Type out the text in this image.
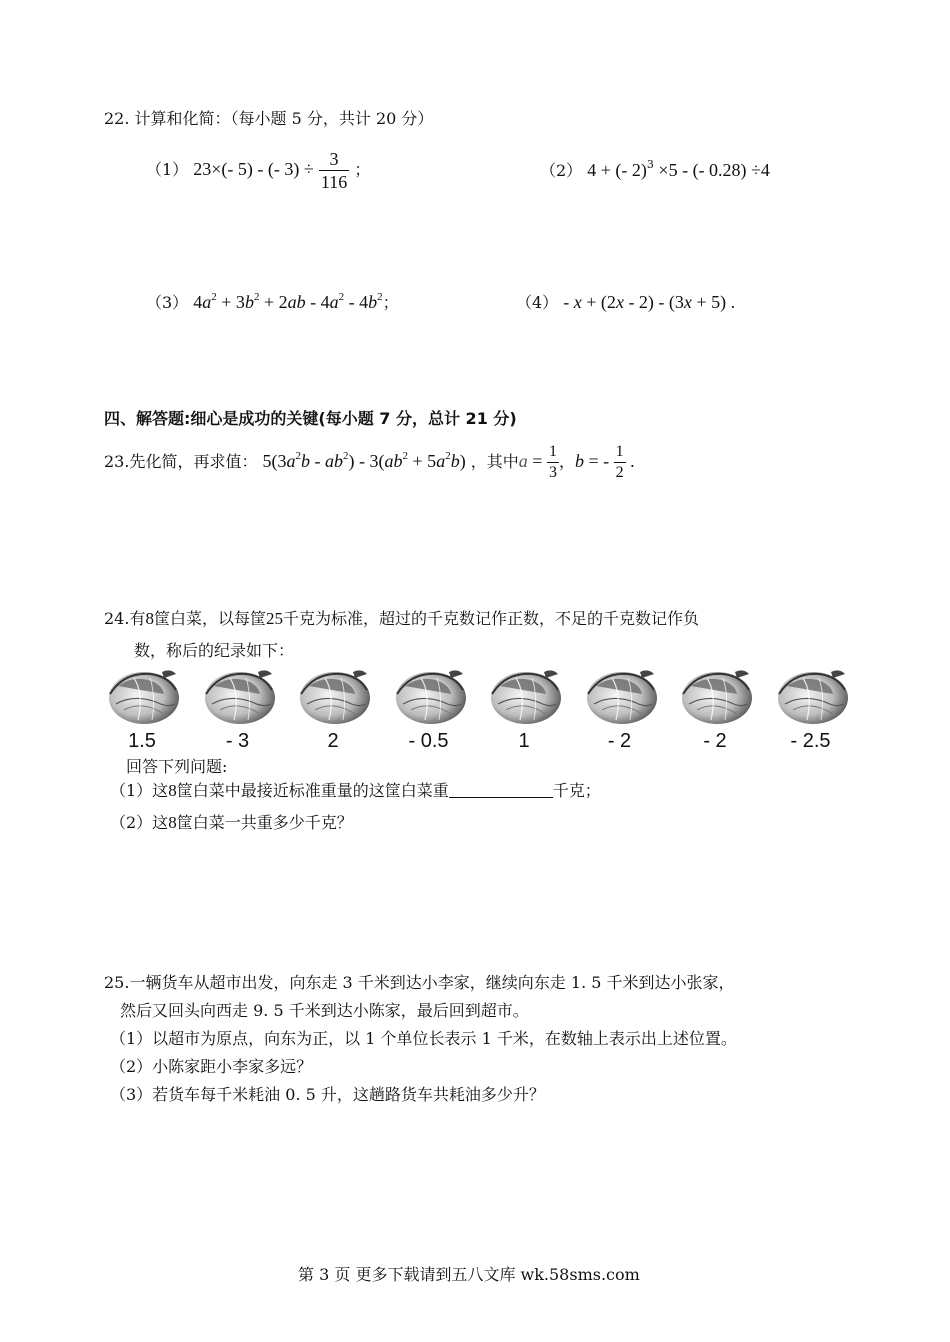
22. 计算和化简：（每小题 5 分，共计 20 分）
（1） 23×(- 5) - (- $3) \div \frac{3}{116}$ ；	（2） 4 + (- 2)$^3$ ×5 - (- 0.28) ÷4
（3） $4a^2 + 3b^2 + 2ab - 4a^2 - 4b^2$；	（4） - x + (2x - 2) - (3x + 5) .
四、解答题:细心是成功的关键(每小题 7 分，总计 21 分)
23.先化简，再求值： $5(3a^2b - ab^2) - 3(ab^2 + 5a^2b)$ ，其中$a = \frac{1}{3}$ ，b = - $\frac{1}{2}$ .
24.有8筐白菜，以每筐25千克为标准，超过的千克数记作正数，不足的千克数记作负
数，称后的纪录如下：
1.5	- 3	2	- 0.5	1	- 2	- 2	- 2.5
回答下列问题:
（1）这8筐白菜中最接近标准重量的这筐白菜重	千克；
（2）这8筐白菜一共重多少千克？
25.一辆货车从超市出发，向东走 3 千米到达小李家，继续向东走 1. 5 千米到达小张家，
然后又回头向西走 9. 5 千米到达小陈家，最后回到超市。
（1）以超市为原点，向东为正，以 1 个单位长表示 1 千米，在数轴上表示出上述位置。
（2）小陈家距小李家多远？
（3）若货车每千米耗油 0. 5 升，这趟路货车共耗油多少升？
第 3 页 更多下载请到五八文库 wk.58sms.com
